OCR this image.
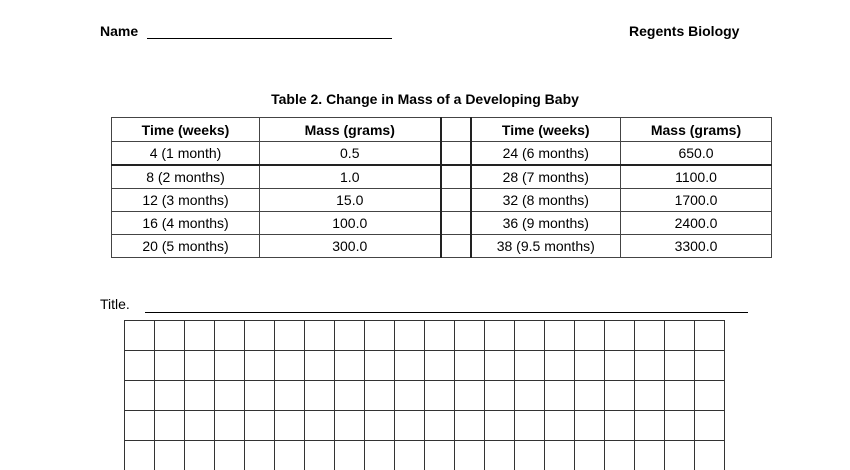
Name	Regents Biology
Table 2. Change in Mass of a Developing Baby
Time (weeks)	Mass (grams)		Time (weeks)	Mass (grams)
4 (1 month)	0.5		24 (6 months)	650.0
8 (2 months)	1.0		28 (7 months)	1100.0
12 (3 months)	15.0		32 (8 months)	1700.0
16 (4 months)	100.0		36 (9 months)	2400.0
20 (5 months)	300.0		38 (9.5 months)	3300.0
Title.
